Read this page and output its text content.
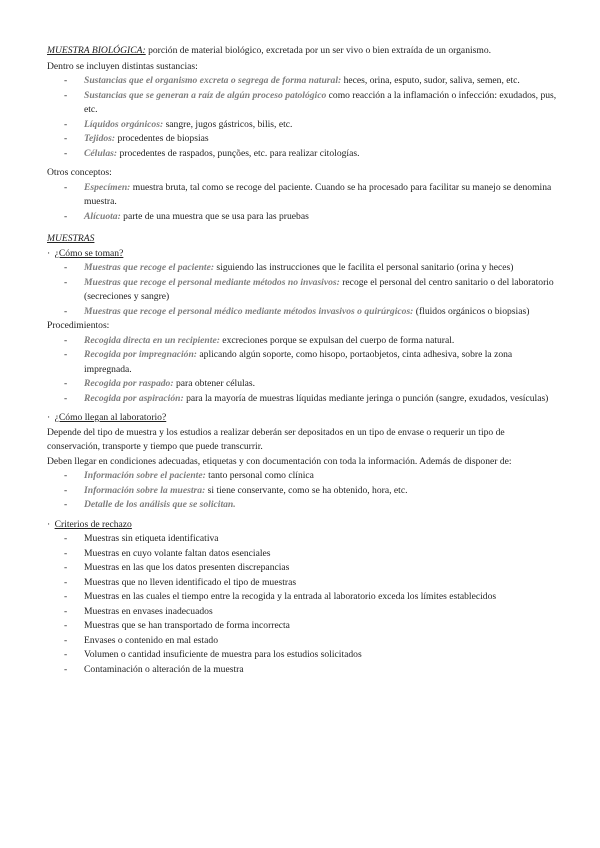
MUESTRA BIOLÓGICA: porción de material biológico, excretada por un ser vivo o bien extraída de un organismo.

Dentro se incluyen distintas sustancias:

- Sustancias que el organismo excreta o segrega de forma natural: heces, orina, esputo, sudor, saliva, semen, etc.
- Sustancias que se generan a raíz de algún proceso patológico como reacción a la inflamación o infección: exudados, pus, etc.
- Líquidos orgánicos: sangre, jugos gástricos, bilis, etc.
- Tejidos: procedentes de biopsias
- Células: procedentes de raspados, punções, etc. para realizar citologías.

Otros conceptos:

- Especímen: muestra bruta, tal como se recoge del paciente. Cuando se ha procesado para facilitar su manejo se denomina muestra.
- Alícuota: parte de una muestra que se usa para las pruebas

MUESTRAS

· ¿Cómo se toman?

- Muestras que recoge el paciente: siguiendo las instrucciones que le facilita el personal sanitario (orina y heces)
- Muestras que recoge el personal mediante métodos no invasivos: recoge el personal del centro sanitario o del laboratorio (secreciones y sangre)
- Muestras que recoge el personal médico mediante métodos invasivos o quirúrgicos: (fluidos orgánicos o biopsias)

Procedimientos:

- Recogida directa en un recipiente: excreciones porque se expulsan del cuerpo de forma natural.
- Recogida por impregnación: aplicando algún soporte, como hisopo, portaobjetos, cinta adhesiva, sobre la zona impregnada.
- Recogida por raspado: para obtener células.
- Recogida por aspiración: para la mayoría de muestras líquidas mediante jeringa o punción (sangre, exudados, vesículas)

· ¿Cómo llegan al laboratorio?

Depende del tipo de muestra y los estudios a realizar deberán ser depositados en un tipo de envase o requerir un tipo de conservación, transporte y tiempo que puede transcurrir.

Deben llegar en condiciones adecuadas, etiquetas y con documentación con toda la información. Además de disponer de:

- Información sobre el paciente: tanto personal como clínica
- Información sobre la muestra: si tiene conservante, como se ha obtenido, hora, etc.
- Detalle de los análisis que se solicitan.

· Criterios de rechazo

- Muestras sin etiqueta identificativa
- Muestras en cuyo volante faltan datos esenciales
- Muestras en las que los datos presenten discrepancias
- Muestras que no lleven identificado el tipo de muestras
- Muestras en las cuales el tiempo entre la recogida y la entrada al laboratorio exceda los límites establecidos
- Muestras en envases inadecuados
- Muestras que se han transportado de forma incorrecta
- Envases o contenido en mal estado
- Volumen o cantidad insuficiente de muestra para los estudios solicitados
- Contaminación o alteración de la muestra
